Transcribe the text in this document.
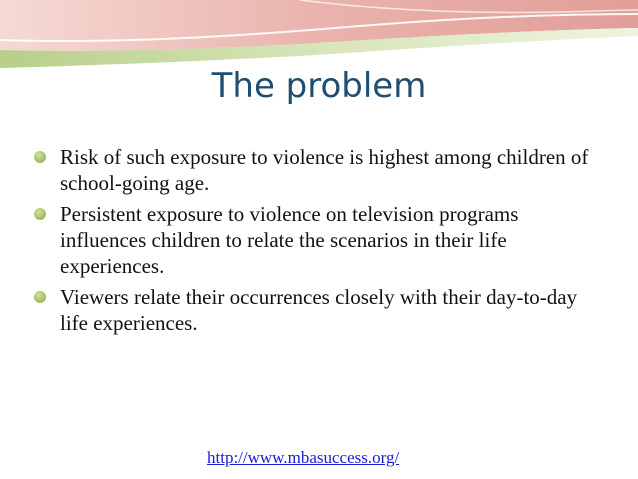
The problem
Risk of such exposure to violence is highest among children of school-going age.
Persistent exposure to violence on television programs influences children to relate the scenarios in their life experiences.
Viewers relate their occurrences closely with their day-to-day life experiences.
http://www.mbasuccess.org/
